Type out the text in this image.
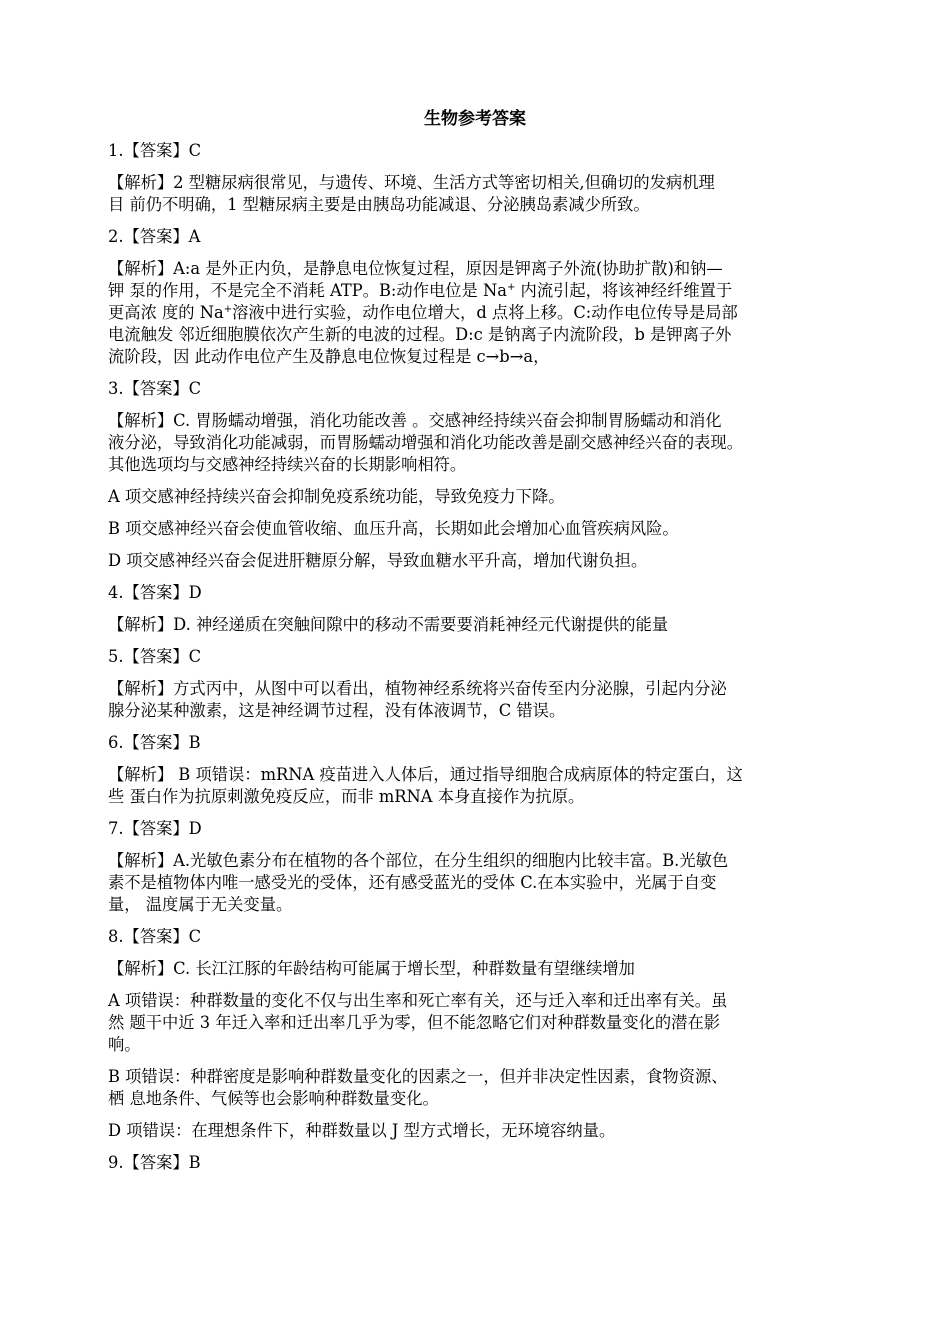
生物参考答案
1.【答案】C
【解析】2 型糖尿病很常见，与遗传、环境、生活方式等密切相关,但确切的发病机理
目 前仍不明确，1 型糖尿病主要是由胰岛功能减退、分泌胰岛素减少所致。
2.【答案】A
【解析】A:a 是外正内负，是静息电位恢复过程，原因是钾离子外流(协助扩散)和钠—
钾 泵的作用，不是完全不消耗 ATP。B:动作电位是 Na+ 内流引起，将该神经纤维置于
更高浓 度的 Na+溶液中进行实验，动作电位增大，d 点将上移。C:动作电位传导是局部
电流触发 邻近细胞膜依次产生新的电波的过程。D:c 是钠离子内流阶段，b 是钾离子外
流阶段，因 此动作电位产生及静息电位恢复过程是 c→b→a，
3.【答案】C
【解析】C. 胃肠蠕动增强，消化功能改善 。交感神经持续兴奋会抑制胃肠蠕动和消化
液分泌，导致消化功能减弱，而胃肠蠕动增强和消化功能改善是副交感神经兴奋的表现。
其他选项均与交感神经持续兴奋的长期影响相符。
A 项交感神经持续兴奋会抑制免疫系统功能，导致免疫力下降。
B 项交感神经兴奋会使血管收缩、血压升高，长期如此会增加心血管疾病风险。
D 项交感神经兴奋会促进肝糖原分解，导致血糖水平升高，增加代谢负担。
4.【答案】D
【解析】D. 神经递质在突触间隙中的移动不需要要消耗神经元代谢提供的能量
5.【答案】C
【解析】方式丙中，从图中可以看出，植物神经系统将兴奋传至内分泌腺，引起内分泌
腺分泌某种激素，这是神经调节过程，没有体液调节，C 错误。
6.【答案】B
【解析】 B 项错误：mRNA 疫苗进入人体后，通过指导细胞合成病原体的特定蛋白，这
些 蛋白作为抗原刺激免疫反应，而非 mRNA 本身直接作为抗原。
7.【答案】D
【解析】A.光敏色素分布在植物的各个部位，在分生组织的细胞内比较丰富。B.光敏色
素不是植物体内唯一感受光的受体，还有感受蓝光的受体 C.在本实验中，光属于自变
量， 温度属于无关变量。
8.【答案】C
【解析】C. 长江江豚的年龄结构可能属于增长型，种群数量有望继续增加
A 项错误：种群数量的变化不仅与出生率和死亡率有关，还与迁入率和迁出率有关。虽
然 题干中近 3 年迁入率和迁出率几乎为零，但不能忽略它们对种群数量变化的潜在影
响。
B 项错误：种群密度是影响种群数量变化的因素之一，但并非决定性因素，食物资源、
栖 息地条件、气候等也会影响种群数量变化。
D 项错误：在理想条件下，种群数量以 J 型方式增长，无环境容纳量。
9.【答案】B
